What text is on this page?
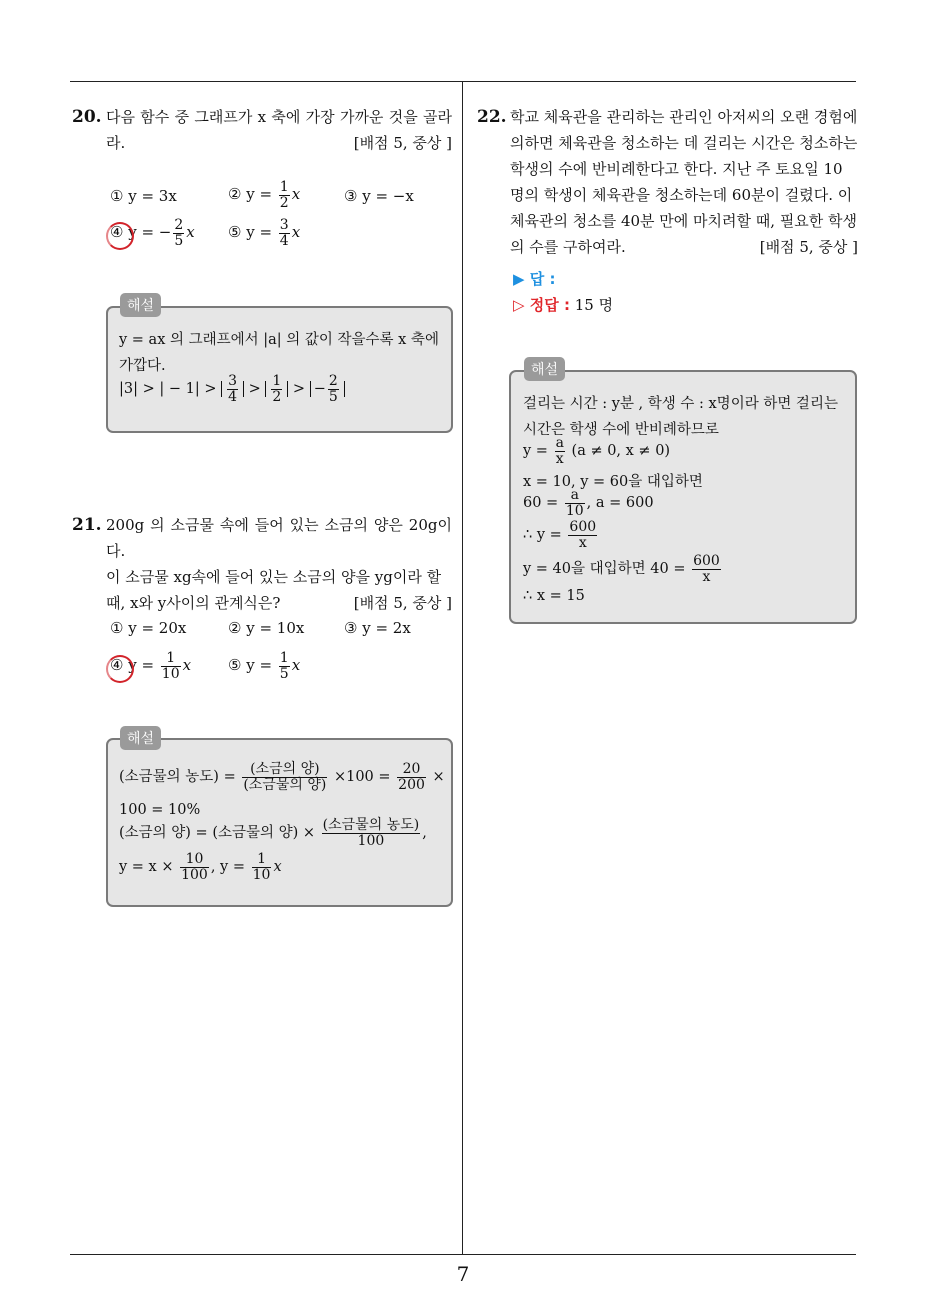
7
20. 다음 함수 중 그래프가 x 축에 가장 가까운 것을 골라라.	[배점 5, 중상 ]
① y = 3x	② $y = \frac{1}{2}$ x	③ y = −x
④ y = − $\frac{2}{5}$ x ⑤ $y = \frac{3}{4}$ x
y = ax 의 그래프에서 |a| 의 값이 작을수록 x 축에
가깝다.
|3| > | − $1| > \frac{3}{4} > \frac{1}{2}$ > − $\frac{2}{5}$
해설
21. 200g 의 소금물 속에 들어 있는 소금의 양은 20g이다.
이 소금물 xg속에 들어 있는 소금의 양을 yg이라 할
때, x와 y사이의 관계식은?	[배점 5, 중상 ]
① y = 20x	② y = 10x	③ y = 2x
④ $y = \frac{1}{10}$ x ⑤ $y = \frac{1}{5}$ x
(소금물의 농도) = $\frac{\text{(소금의 양)}}{\text{(소금물의 양)}} \times 100 = \frac{20}{200}$ ×
100 = 10%
(소금의 양) = (소금물의 양) × $\frac{\text{(소금물의 농도)}}{100}$ ,
$y = x \times \frac{10}{100}$ , $y = \frac{1}{10}$ x
해설
22. 학교 체육관을 관리하는 관리인 아저씨의 오랜 경험에
의하면 체육관을 청소하는 데 걸리는 시간은 청소하는
학생의 수에 반비례한다고 한다. 지난 주 토요일 10
명의 학생이 체육관을 청소하는데 60분이 걸렸다. 이
체육관의 청소를 40분 만에 마치려할 때, 필요한 학생
의 수를 구하여라.	[배점 5, 중상 ]
▶ 답 :
▷ 정답 : 15 명
걸리는 시간 : y분 , 학생 수 : x명이라 하면 걸리는
시간은 학생 수에 반비례하므로
$y = \frac{a}{x} (a \ne 0$, x ≠ 0)
x = 10, y = 60을 대입하면
$60 = \frac{a}{10}$ , a = 600
∴ $y = \frac{600}{x}$
y = 40을 대입하면 $40 = \frac{600}{x}$
∴ x = 15
해설
